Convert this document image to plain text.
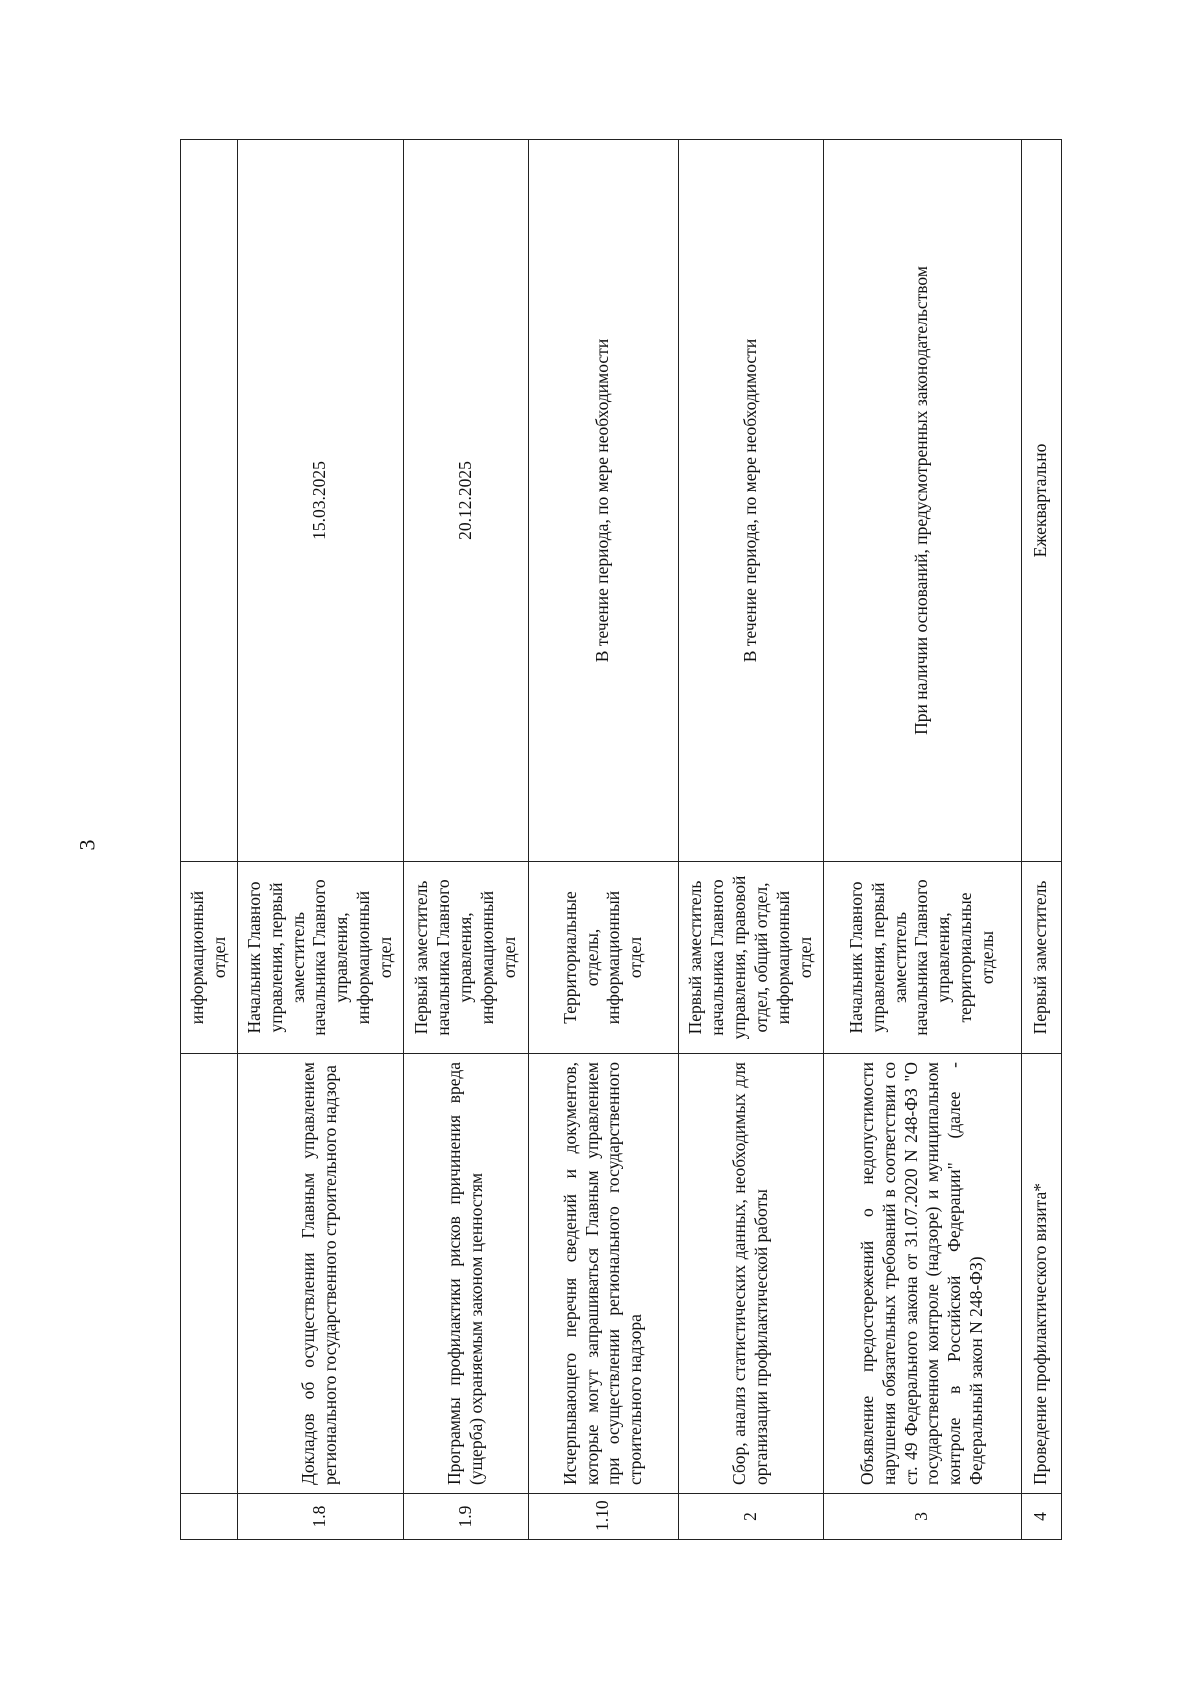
3
		информационный отдел	
1.8	Докладов об осуществлении Главным управлением регионального государственного строительного надзора	Начальник Главного управления, первый заместитель начальника Главного управления, информационный отдел	15.03.2025
1.9	Программы профилактики рисков причинения вреда (ущерба) охраняемым законом ценностям	Первый заместитель начальника Главного управления, информационный отдел	20.12.2025
1.10	Исчерпывающего перечня сведений и документов, которые могут запрашиваться Главным управлением при осуществлении регионального государственного строительного надзора	Территориальные отделы, информационный отдел	В течение периода, по мере необходимости
2	Сбор, анализ статистических данных, необходимых для организации профилактической работы	Первый заместитель начальника Главного управления, правовой отдел, общий отдел, информационный отдел	В течение периода, по мере необходимости
3	Объявление предостережений о недопустимости нарушения обязательных требований в соответствии со ст. 49 Федерального закона от 31.07.2020 N 248-ФЗ "О государственном контроле (надзоре) и муниципальном контроле в Российской Федерации" (далее - Федеральный закон N 248-ФЗ)	Начальник Главного управления, первый заместитель начальника Главного управления, территориальные отделы	При наличии оснований, предусмотренных законодательством
4	Проведение профилактического визита*	Первый заместитель	Ежеквартально
